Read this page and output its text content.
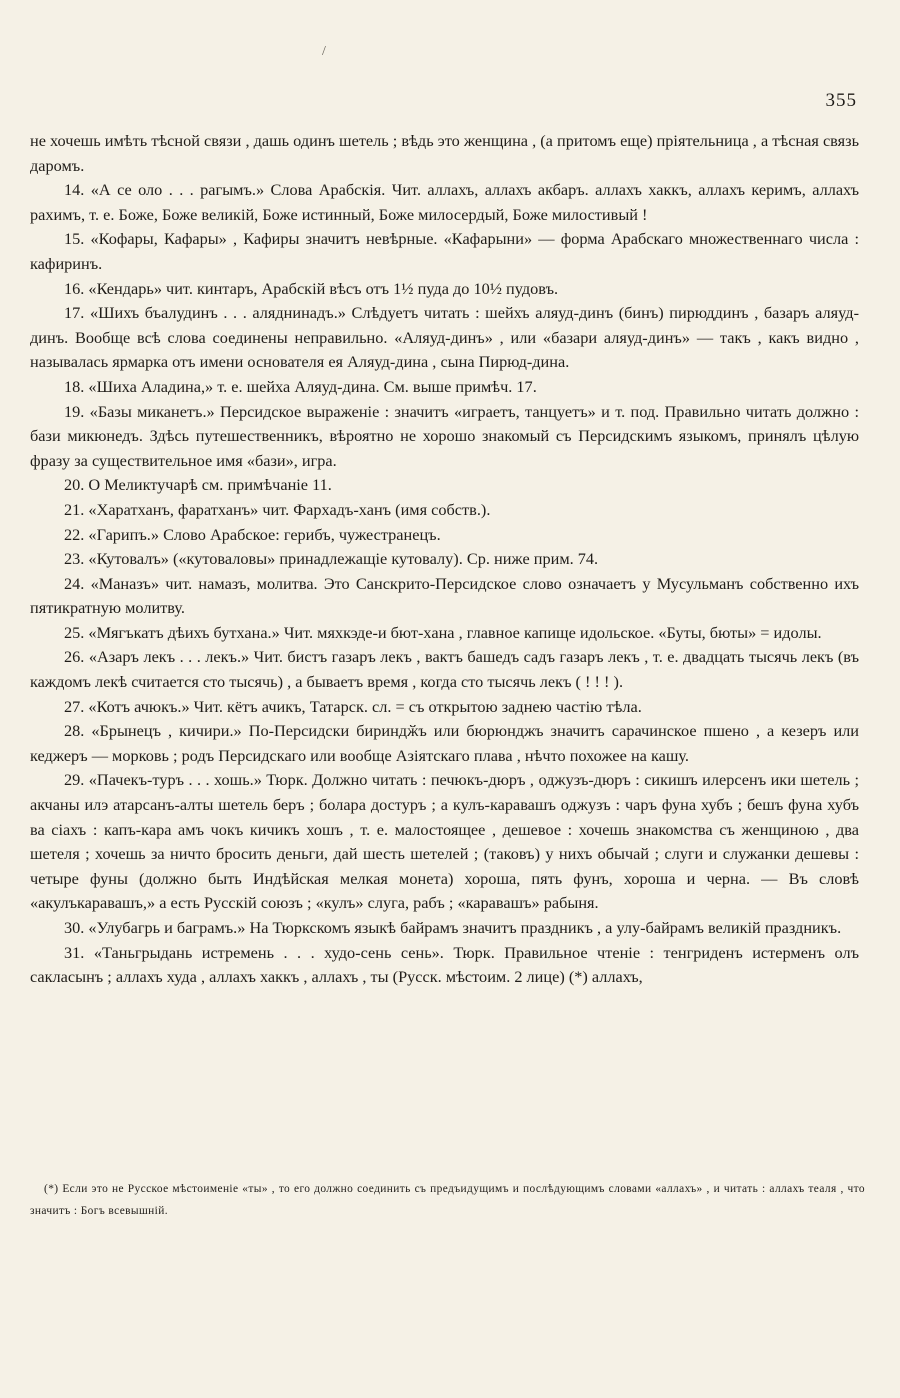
/
355

не хочешь имѣть тѣсной связи , дашь одинъ шетель ; вѣдь это женщина , (а притомъ еще) пріятельница , а тѣсная связь даромъ.

14. «А се оло . . . рагымъ.» Слова Арабскія. Чит. аллахъ, аллахъ акбаръ. аллахъ хаккъ, аллахъ керимъ, аллахъ рахимъ, т. е. Боже, Боже великій, Боже истинный, Боже милосердый, Боже милостивый !

15. «Кофары, Кафары» , Кафиры значитъ невѣрные. «Кафарыни» — форма Арабскаго множественнаго числа : кафиринъ.

16. «Кендарь» чит. кинтаръ, Арабскій вѣсъ отъ 1½ пуда до 10½ пудовъ.

17. «Шихъ бъалудинъ . . . аляднинадъ.» Слѣдуетъ читать : шейхъ аляуд-динъ (бинъ) пирюддинъ , базаръ аляуд-динъ. Вообще всѣ слова соединены неправильно. «Аляуд-динъ» , или «базари аляуд-динъ» — такъ , какъ видно , называлась ярмарка отъ имени основателя ея Аляуд-дина , сына Пирюд-дина.

18. «Шиха Аладина,» т. е. шейха Аляуд-дина. См. выше примѣч. 17.

19. «Базы миканетъ.» Персидское выраженіе : значитъ «играетъ, танцуетъ» и т. под. Правильно читать должно : бази микюнедъ. Здѣсь путешественникъ, вѣроятно не хорошо знакомый съ Персидскимъ языкомъ, принялъ цѣлую фразу за существительное имя «бази», игра.

20. О Меликтучарѣ см. примѣчаніе 11.

21. «Харатханъ, фаратханъ» чит. Фархадъ-ханъ (имя собств.).

22. «Гарипъ.» Слово Арабское: герибъ, чужестранецъ.

23. «Кутовалъ» («кутоваловы» принадлежащіе кутовалу). Ср. ниже прим. 74.

24. «Маназъ» чит. намазъ, молитва. Это Санскрито-Персидское слово означаетъ у Мусульманъ собственно ихъ пятикратную молитву.

25. «Мягъкатъ дѣихъ бутхана.» Чит. мяхкэде-и бют-хана , главное капище идольское. «Буты, бюты» = идолы.

26. «Азаръ лекъ . . . лекъ.» Чит. бистъ газаръ лекъ , вактъ башедъ садъ газаръ лекъ , т. е. двадцать тысячь лекъ (въ каждомъ лекѣ считается сто тысячь) , а бываетъ время , когда сто тысячь лекъ ( ! ! ! ).

27. «Котъ ачюкъ.» Чит. кётъ ачикъ, Татарск. сл. = съ открытою заднею частію тѣла.

28. «Брынецъ , кичири.» По-Персидски бириндӂъ или бюрюнджъ значитъ сарачинское пшено , а кезеръ или кеджеръ — морковь ; родъ Персидскаго или вообще Азіятскаго плава , нѣчто похожее на кашу.

29. «Пачекъ-туръ . . . хошь.» Тюрк. Должно читать : печюкъ-дюръ , оджузъ-дюръ : сикишъ илерсенъ ики шетель ; акчаны илэ атарсанъ-алты шетель беръ ; болара достуръ ; а кулъ-каравашъ оджузъ : чаръ фуна хубъ ; бешъ фуна хубъ ва сіахъ : капъ-кара амъ чокъ кичикъ хошъ , т. е. малостоящее , дешевое : хочешь знакомства съ женщиною , два шетеля ; хочешь за ничто бросить деньги, дай шесть шетелей ; (таковъ) у нихъ обычай ; слуги и служанки дешевы : четыре фуны (должно быть Индѣйская мелкая монета) хороша, пять фунъ, хороша и черна. — Въ словѣ «акулъкаравашъ,» а есть Русскій союзъ ; «кулъ» слуга, рабъ ; «каравашъ» рабыня.

30. «Улубагрь и баграмъ.» На Тюркскомъ языкѣ байрамъ значитъ праздникъ , а улу-байрамъ великій праздникъ.

31. «Таньгрыдань истремень . . . худо-сень сень». Тюрк. Правильное чтеніе : тенгриденъ истерменъ олъ сакласынъ ; аллахъ худа , аллахъ хаккъ , аллахъ , ты (Русск. мѣстоим. 2 лице) (*) аллахъ,

(*) Если это не Русское мѣстоименіе «ты» , то его должно соединить съ предъидущимъ и послѣдующимъ словами «аллахъ» , и читать : аллахъ теаля , что значитъ : Богъ всевышній.
